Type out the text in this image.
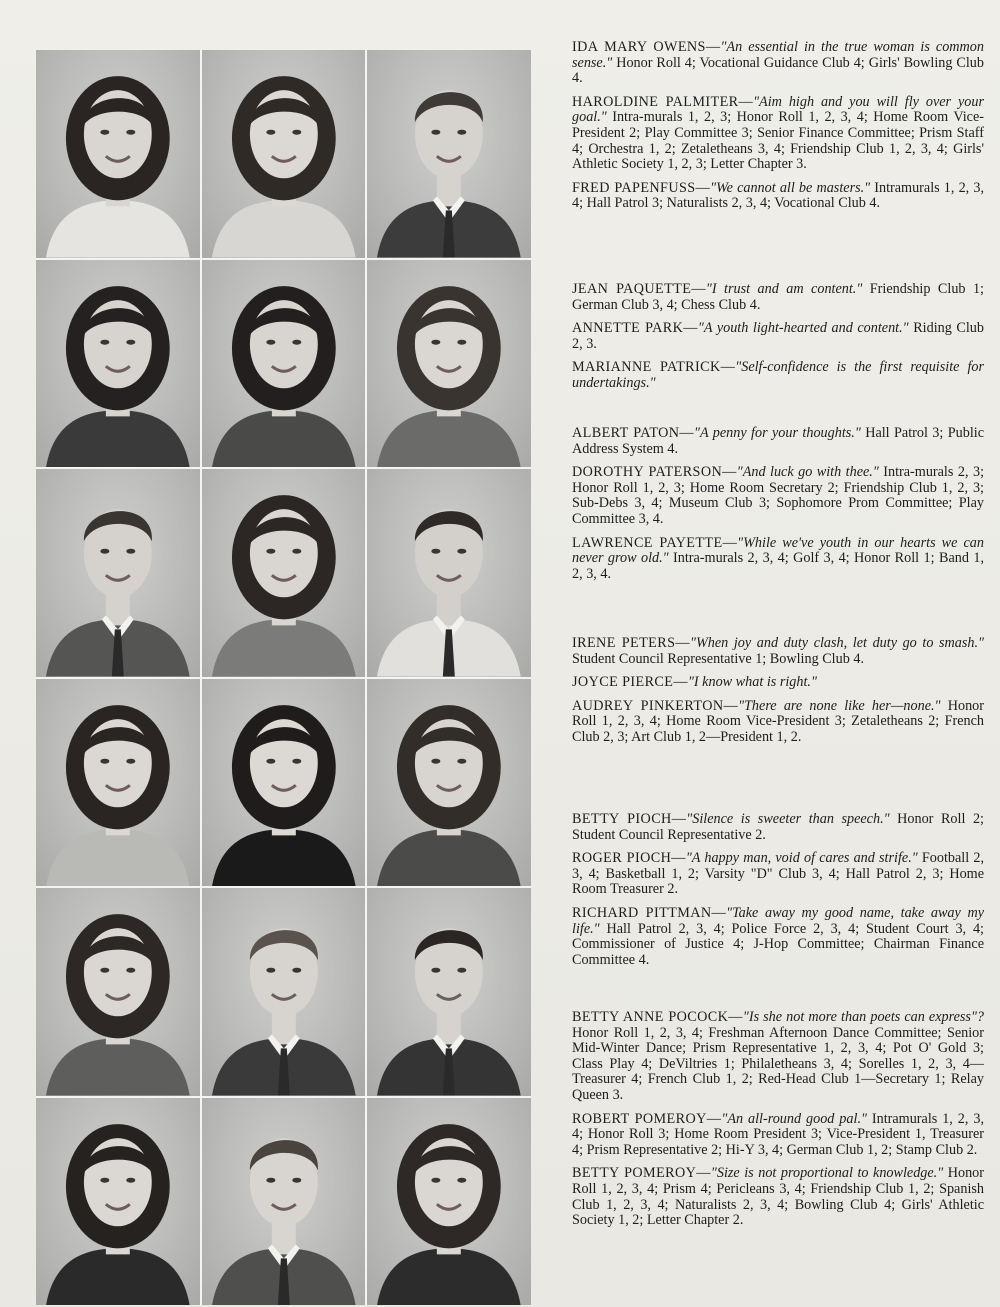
IDA MARY OWENS—"An essential in the true woman is common sense." Honor Roll 4; Vocational Guidance Club 4; Girls' Bowling Club 4.

HAROLDINE PALMITER—"Aim high and you will fly over your goal." Intra-murals 1, 2, 3; Honor Roll 1, 2, 3, 4; Home Room Vice-President 2; Play Committee 3; Senior Finance Committee; Prism Staff 4; Orchestra 1, 2; Zetaletheans 3, 4; Friendship Club 1, 2, 3, 4; Girls' Athletic Society 1, 2, 3; Letter Chapter 3.

FRED PAPENFUSS—"We cannot all be masters." Intramurals 1, 2, 3, 4; Hall Patrol 3; Naturalists 2, 3, 4; Vocational Club 4.

JEAN PAQUETTE—"I trust and am content." Friendship Club 1; German Club 3, 4; Chess Club 4.

ANNETTE PARK—"A youth light-hearted and content." Riding Club 2, 3.

MARIANNE PATRICK—"Self-confidence is the first requisite for undertakings."

ALBERT PATON—"A penny for your thoughts." Hall Patrol 3; Public Address System 4.

DOROTHY PATERSON—"And luck go with thee." Intra-murals 2, 3; Honor Roll 1, 2, 3; Home Room Secretary 2; Friendship Club 1, 2, 3; Sub-Debs 3, 4; Museum Club 3; Sophomore Prom Committee; Play Committee 3, 4.

LAWRENCE PAYETTE—"While we've youth in our hearts we can never grow old." Intra-murals 2, 3, 4; Golf 3, 4; Honor Roll 1; Band 1, 2, 3, 4.

IRENE PETERS—"When joy and duty clash, let duty go to smash." Student Council Representative 1; Bowling Club 4.

JOYCE PIERCE—"I know what is right."

AUDREY PINKERTON—"There are none like her—none." Honor Roll 1, 2, 3, 4; Home Room Vice-President 3; Zetaletheans 2; French Club 2, 3; Art Club 1, 2—President 1, 2.

BETTY PIOCH—"Silence is sweeter than speech." Honor Roll 2; Student Council Representative 2.

ROGER PIOCH—"A happy man, void of cares and strife." Football 2, 3, 4; Basketball 1, 2; Varsity "D" Club 3, 4; Hall Patrol 2, 3; Home Room Treasurer 2.

RICHARD PITTMAN—"Take away my good name, take away my life." Hall Patrol 2, 3, 4; Police Force 2, 3, 4; Student Court 3, 4; Commissioner of Justice 4; J-Hop Committee; Chairman Finance Committee 4.

BETTY ANNE POCOCK—"Is she not more than poets can express"? Honor Roll 1, 2, 3, 4; Freshman Afternoon Dance Committee; Senior Mid-Winter Dance; Prism Representative 1, 2, 3, 4; Pot O' Gold 3; Class Play 4; DeViltries 1; Philaletheans 3, 4; Sorelles 1, 2, 3, 4—Treasurer 4; French Club 1, 2; Red-Head Club 1—Secretary 1; Relay Queen 3.

ROBERT POMEROY—"An all-round good pal." Intramurals 1, 2, 3, 4; Honor Roll 3; Home Room President 3; Vice-President 1, Treasurer 4; Prism Representative 2; Hi-Y 3, 4; German Club 1, 2; Stamp Club 2.

BETTY POMEROY—"Size is not proportional to knowledge." Honor Roll 1, 2, 3, 4; Prism 4; Pericleans 3, 4; Friendship Club 1, 2; Spanish Club 1, 2, 3, 4; Naturalists 2, 3, 4; Bowling Club 4; Girls' Athletic Society 1, 2; Letter Chapter 2.
